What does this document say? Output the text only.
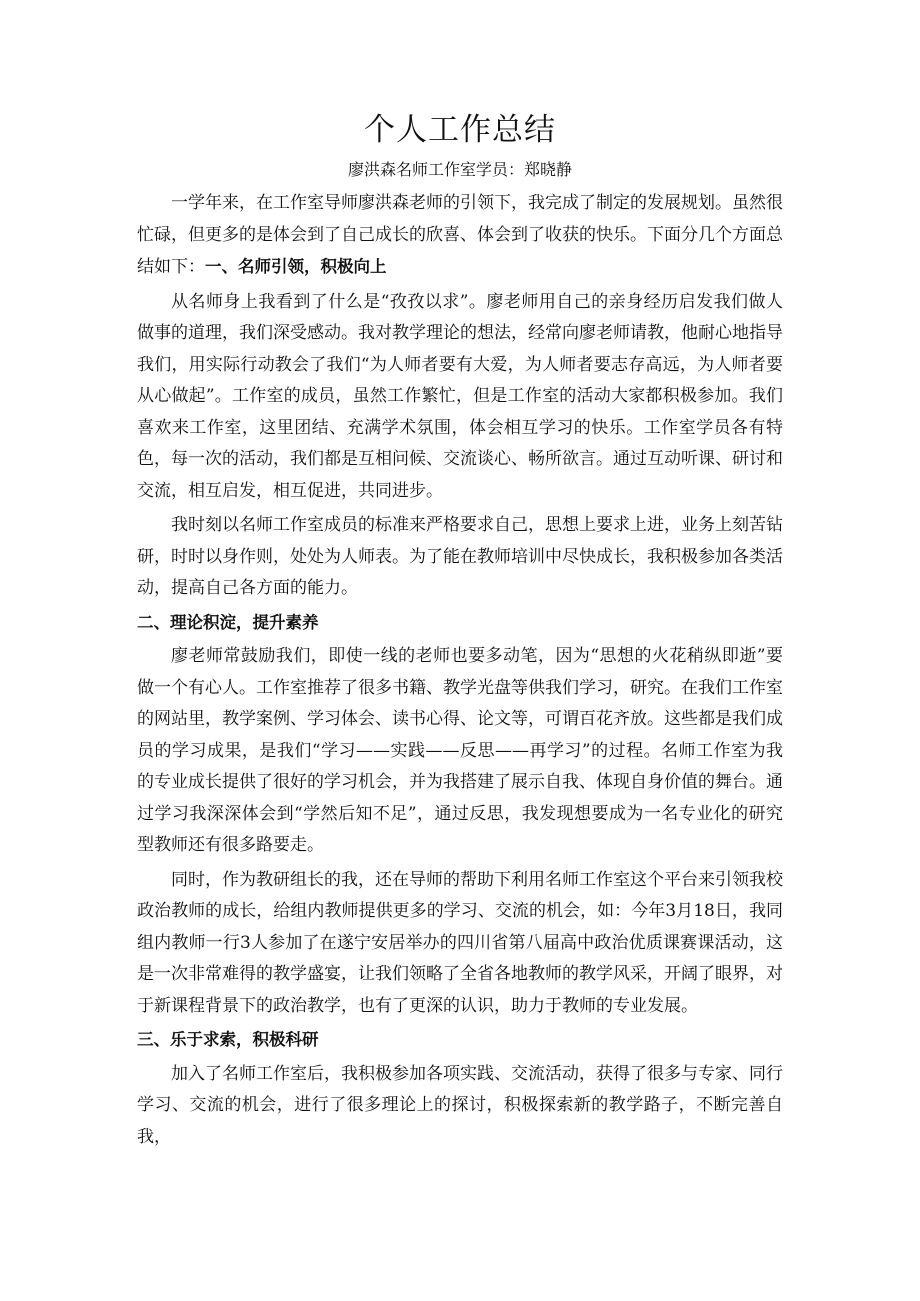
个人工作总结
廖洪森名师工作室学员：郑晓静

一学年来，在工作室导师廖洪森老师的引领下，我完成了制定的发展规划。虽然很忙碌，但更多的是体会到了自己成长的欣喜、体会到了收获的快乐。下面分几个方面总结如下：一、名师引领，积极向上

从名师身上我看到了什么是“孜孜以求”。廖老师用自己的亲身经历启发我们做人做事的道理，我们深受感动。我对教学理论的想法，经常向廖老师请教，他耐心地指导我们，用实际行动教会了我们“为人师者要有大爱，为人师者要志存高远，为人师者要从心做起”。工作室的成员，虽然工作繁忙，但是工作室的活动大家都积极参加。我们喜欢来工作室，这里团结、充满学术氛围，体会相互学习的快乐。工作室学员各有特色，每一次的活动，我们都是互相问候、交流谈心、畅所欲言。通过互动听课、研讨和交流，相互启发，相互促进，共同进步。

我时刻以名师工作室成员的标准来严格要求自己，思想上要求上进，业务上刻苦钻研，时时以身作则，处处为人师表。为了能在教师培训中尽快成长，我积极参加各类活动，提高自己各方面的能力。

二、理论积淀，提升素养

廖老师常鼓励我们，即使一线的老师也要多动笔，因为“思想的火花稍纵即逝”要做一个有心人。工作室推荐了很多书籍、教学光盘等供我们学习，研究。在我们工作室的网站里，教学案例、学习体会、读书心得、论文等，可谓百花齐放。这些都是我们成员的学习成果，是我们“学习——实践——反思——再学习”的过程。名师工作室为我的专业成长提供了很好的学习机会，并为我搭建了展示自我、体现自身价值的舞台。通过学习我深深体会到“学然后知不足”，通过反思，我发现想要成为一名专业化的研究型教师还有很多路要走。

同时，作为教研组长的我，还在导师的帮助下利用名师工作室这个平台来引领我校政治教师的成长，给组内教师提供更多的学习、交流的机会，如：今年3月18日，我同组内教师一行3人参加了在遂宁安居举办的四川省第八届高中政治优质课赛课活动，这是一次非常难得的教学盛宴，让我们领略了全省各地教师的教学风采，开阔了眼界，对于新课程背景下的政治教学，也有了更深的认识，助力于教师的专业发展。

三、乐于求索，积极科研

加入了名师工作室后，我积极参加各项实践、交流活动，获得了很多与专家、同行学习、交流的机会，进行了很多理论上的探讨，积极探索新的教学路子，不断完善自我，
